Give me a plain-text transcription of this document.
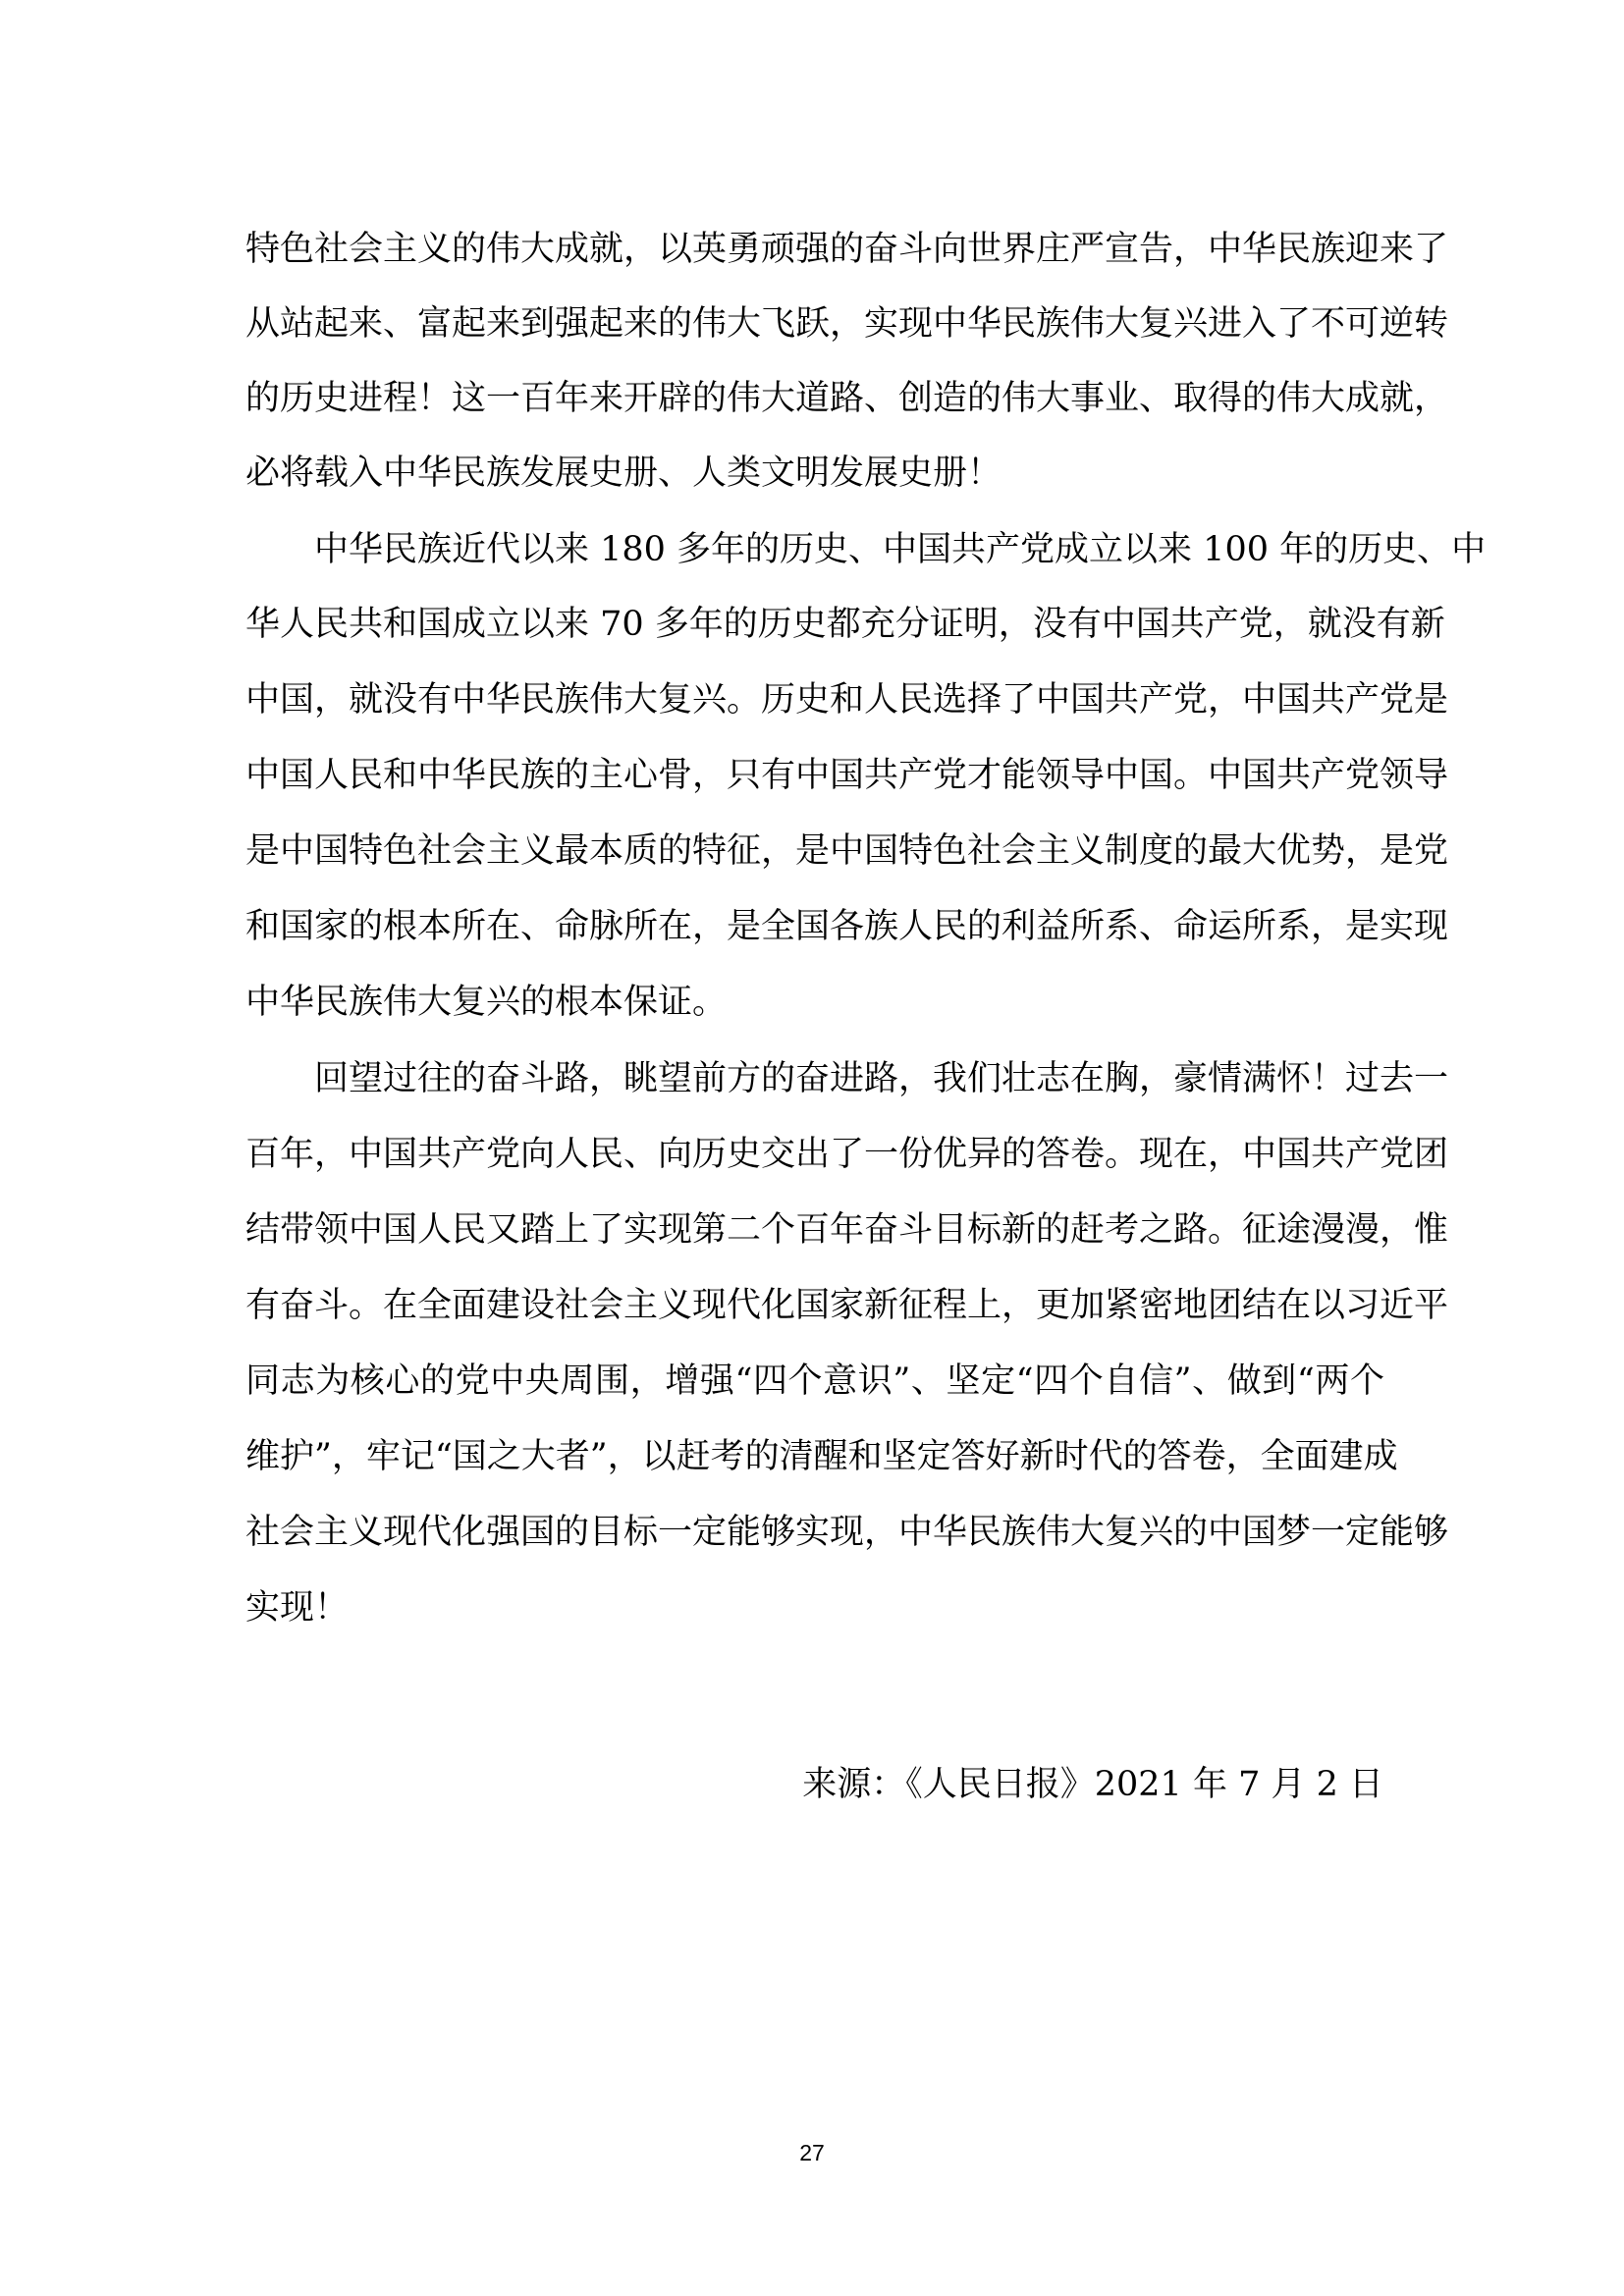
特色社会主义的伟大成就，以英勇顽强的奋斗向世界庄严宣告，中华民族迎来了
从站起来、富起来到强起来的伟大飞跃，实现中华民族伟大复兴进入了不可逆转
的历史进程！这一百年来开辟的伟大道路、创造的伟大事业、取得的伟大成就，
必将载入中华民族发展史册、人类文明发展史册！
中华民族近代以来 180 多年的历史、中国共产党成立以来 100 年的历史、中
华人民共和国成立以来 70 多年的历史都充分证明，没有中国共产党，就没有新
中国，就没有中华民族伟大复兴。历史和人民选择了中国共产党，中国共产党是
中国人民和中华民族的主心骨，只有中国共产党才能领导中国。中国共产党领导
是中国特色社会主义最本质的特征，是中国特色社会主义制度的最大优势，是党
和国家的根本所在、命脉所在，是全国各族人民的利益所系、命运所系，是实现
中华民族伟大复兴的根本保证。
回望过往的奋斗路，眺望前方的奋进路，我们壮志在胸，豪情满怀！过去一
百年，中国共产党向人民、向历史交出了一份优异的答卷。现在，中国共产党团
结带领中国人民又踏上了实现第二个百年奋斗目标新的赶考之路。征途漫漫，惟
有奋斗。在全面建设社会主义现代化国家新征程上，更加紧密地团结在以习近平
同志为核心的党中央周围，增强“四个意识”、坚定“四个自信”、做到“两个
维护”，牢记“国之大者”，以赶考的清醒和坚定答好新时代的答卷，全面建成
社会主义现代化强国的目标一定能够实现，中华民族伟大复兴的中国梦一定能够
实现！
来源：《人民日报》2021 年 7 月 2 日
27
